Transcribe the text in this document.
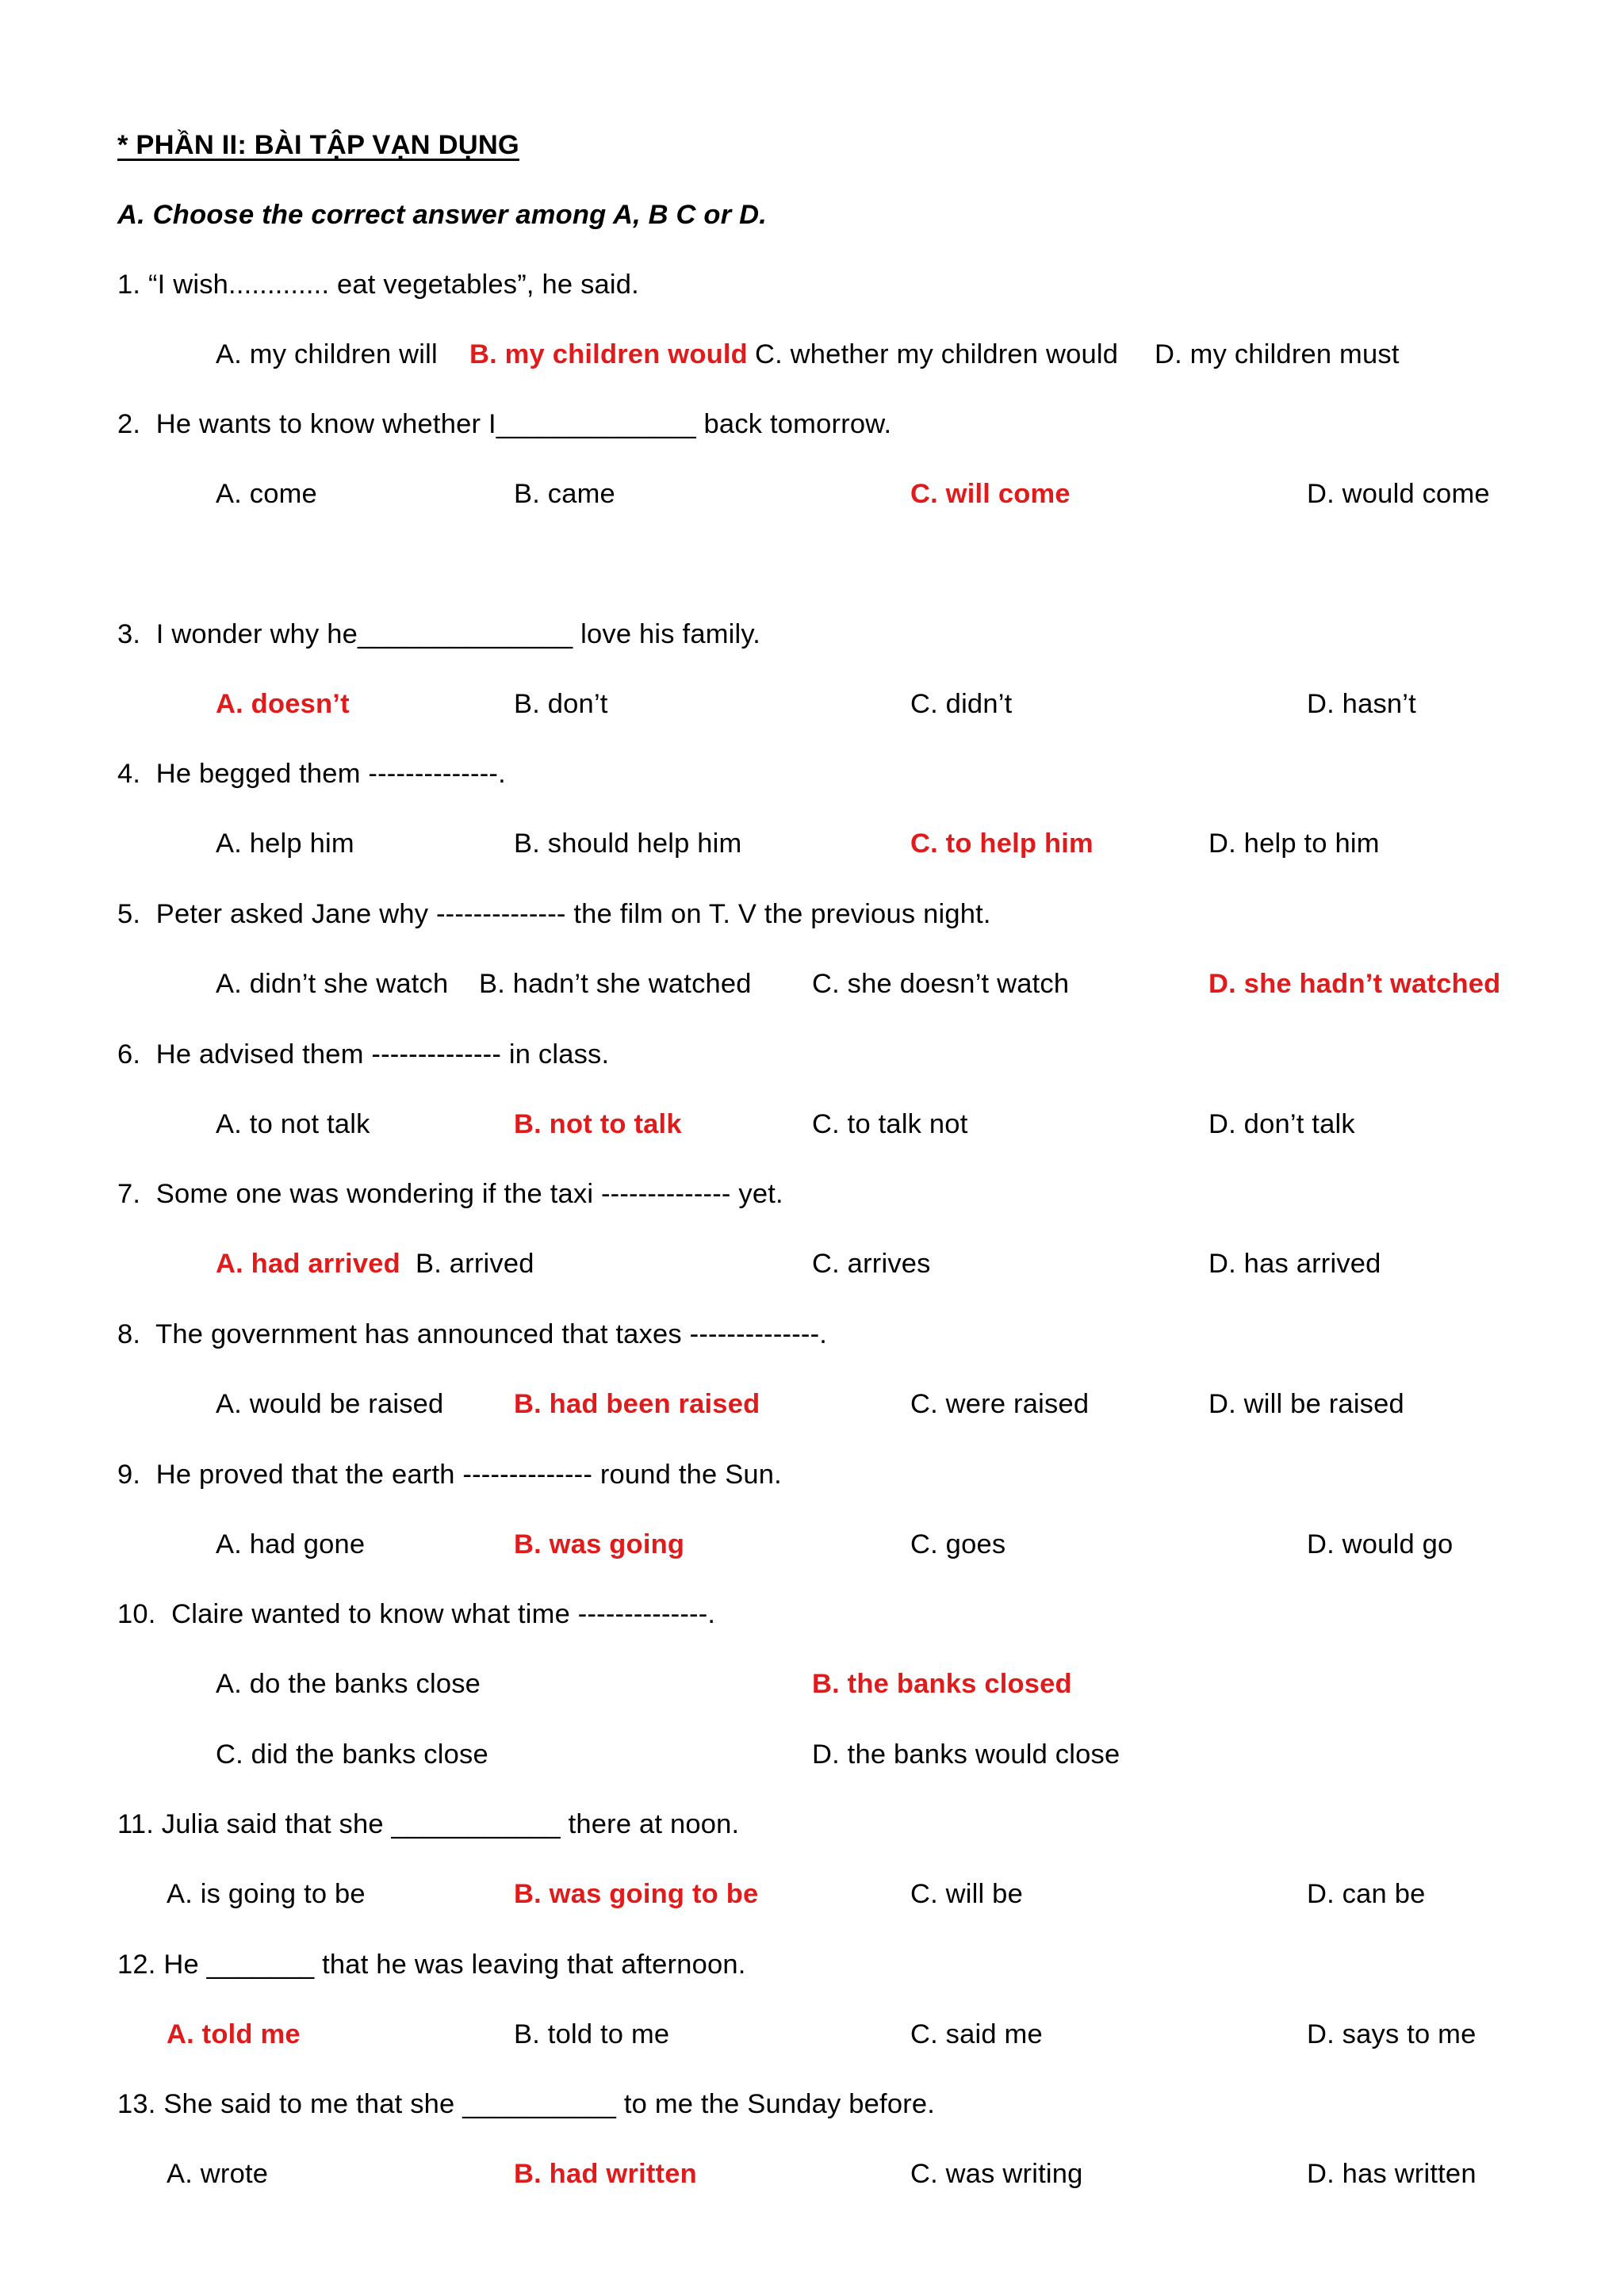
* PHẦN II: BÀI TẬP VẠN DỤNG
A. Choose the correct answer among A, B C or D.
1. “I wish............. eat vegetables”, he said.
A. my children will B. my children would C. whether my children would D. my children must
2.  He wants to know whether I_____________ back tomorrow.
A. come	B. came	C. will come	D. would come
3.  I wonder why he______________ love his family.
A. doesn’t	B. don’t	C. didn’t	D. hasn’t
4.  He begged them --------------.
A. help him	B. should help him	C. to help him	D. help to him
5.  Peter asked Jane why -------------- the film on T. V the previous night.
A. didn’t she watch B. hadn’t she watched C. she doesn’t watch	D. she hadn’t watched
6.  He advised them -------------- in class.
A. to not talk	B. not to talk	C. to talk not	D. don’t talk
7.  Some one was wondering if the taxi -------------- yet.
A. had arrived B. arrived	C. arrives	D. has arrived
8.  The government has announced that taxes --------------.
A. would be raised	B. had been raised	C. were raised	D. will be raised
9.  He proved that the earth -------------- round the Sun.
A. had gone	B. was going	C. goes	D. would go
10.  Claire wanted to know what time --------------.
A. do the banks close	B. the banks closed
C. did the banks close	D. the banks would close
11. Julia said that she ___________ there at noon.
A. is going to be	B. was going to be	C. will be	D. can be
12. He _______ that he was leaving that afternoon.
A. told me	B. told to me	C. said me	D. says to me
13. She said to me that she __________ to me the Sunday before.
A. wrote	B. had written	C. was writing	D. has written
